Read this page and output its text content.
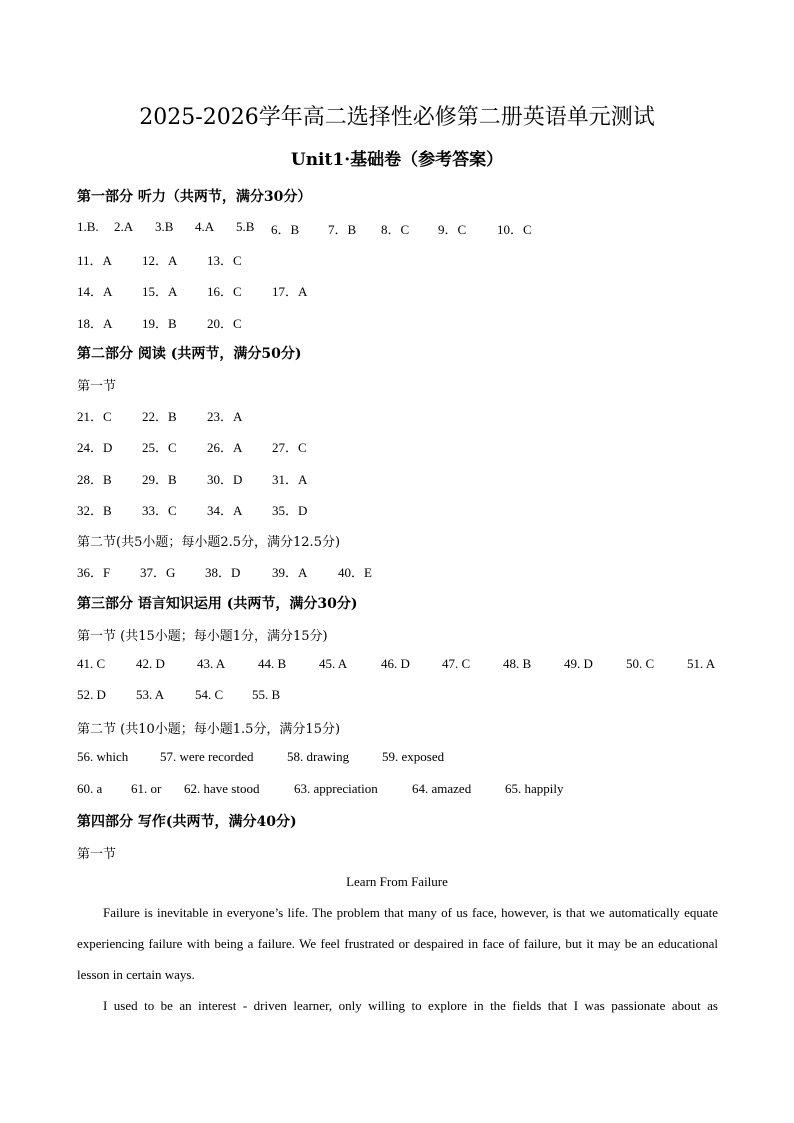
2025-2026学年高二选择性必修第二册英语单元测试
Unit1·基础卷（参考答案）
第一部分 听力（共两节，满分30分）
1.B. 2.A 3.B 4.A 5.B 6．B 7．B 8．C 9．C 10．C
11．A 12．A 13．C
14．A 15．A 16．C 17．A
18．A 19．B 20．C
第二部分 阅读 (共两节，满分50分)
第一节
21．C 22．B 23．A
24．D 25．C 26．A 27．C
28．B 29．B 30．D 31．A
32．B 33．C 34．A 35．D
第二节(共5小题；每小题2.5分，满分12.5分)
36．F 37．G 38．D 39．A 40．E
第三部分 语言知识运用 (共两节，满分30分)
第一节 (共15小题；每小题1分，满分15分)
41. C 42. D 43. A	44. B	45. A	46. D 47. C	48. B	49. D	50. C	51. A
52. D 53. A 54. C 55. B
第二节 (共10小题；每小题1.5分，满分15分)
56. which 57. were recorded	58. drawing	59. exposed
60. a 61. or 62. have stood	63. appreciation	64. amazed	65. happily
第四部分 写作(共两节，满分40分)
第一节
Learn From Failure
Failure is inevitable in everyone’s life. The problem that many of us face, however, is that we automatically equate experiencing failure with being a failure. We feel frustrated or despaired in face of failure, but it may be an educational lesson in certain ways.
I used to be an interest - driven learner, only willing to explore in the fields that I was passionate about as
